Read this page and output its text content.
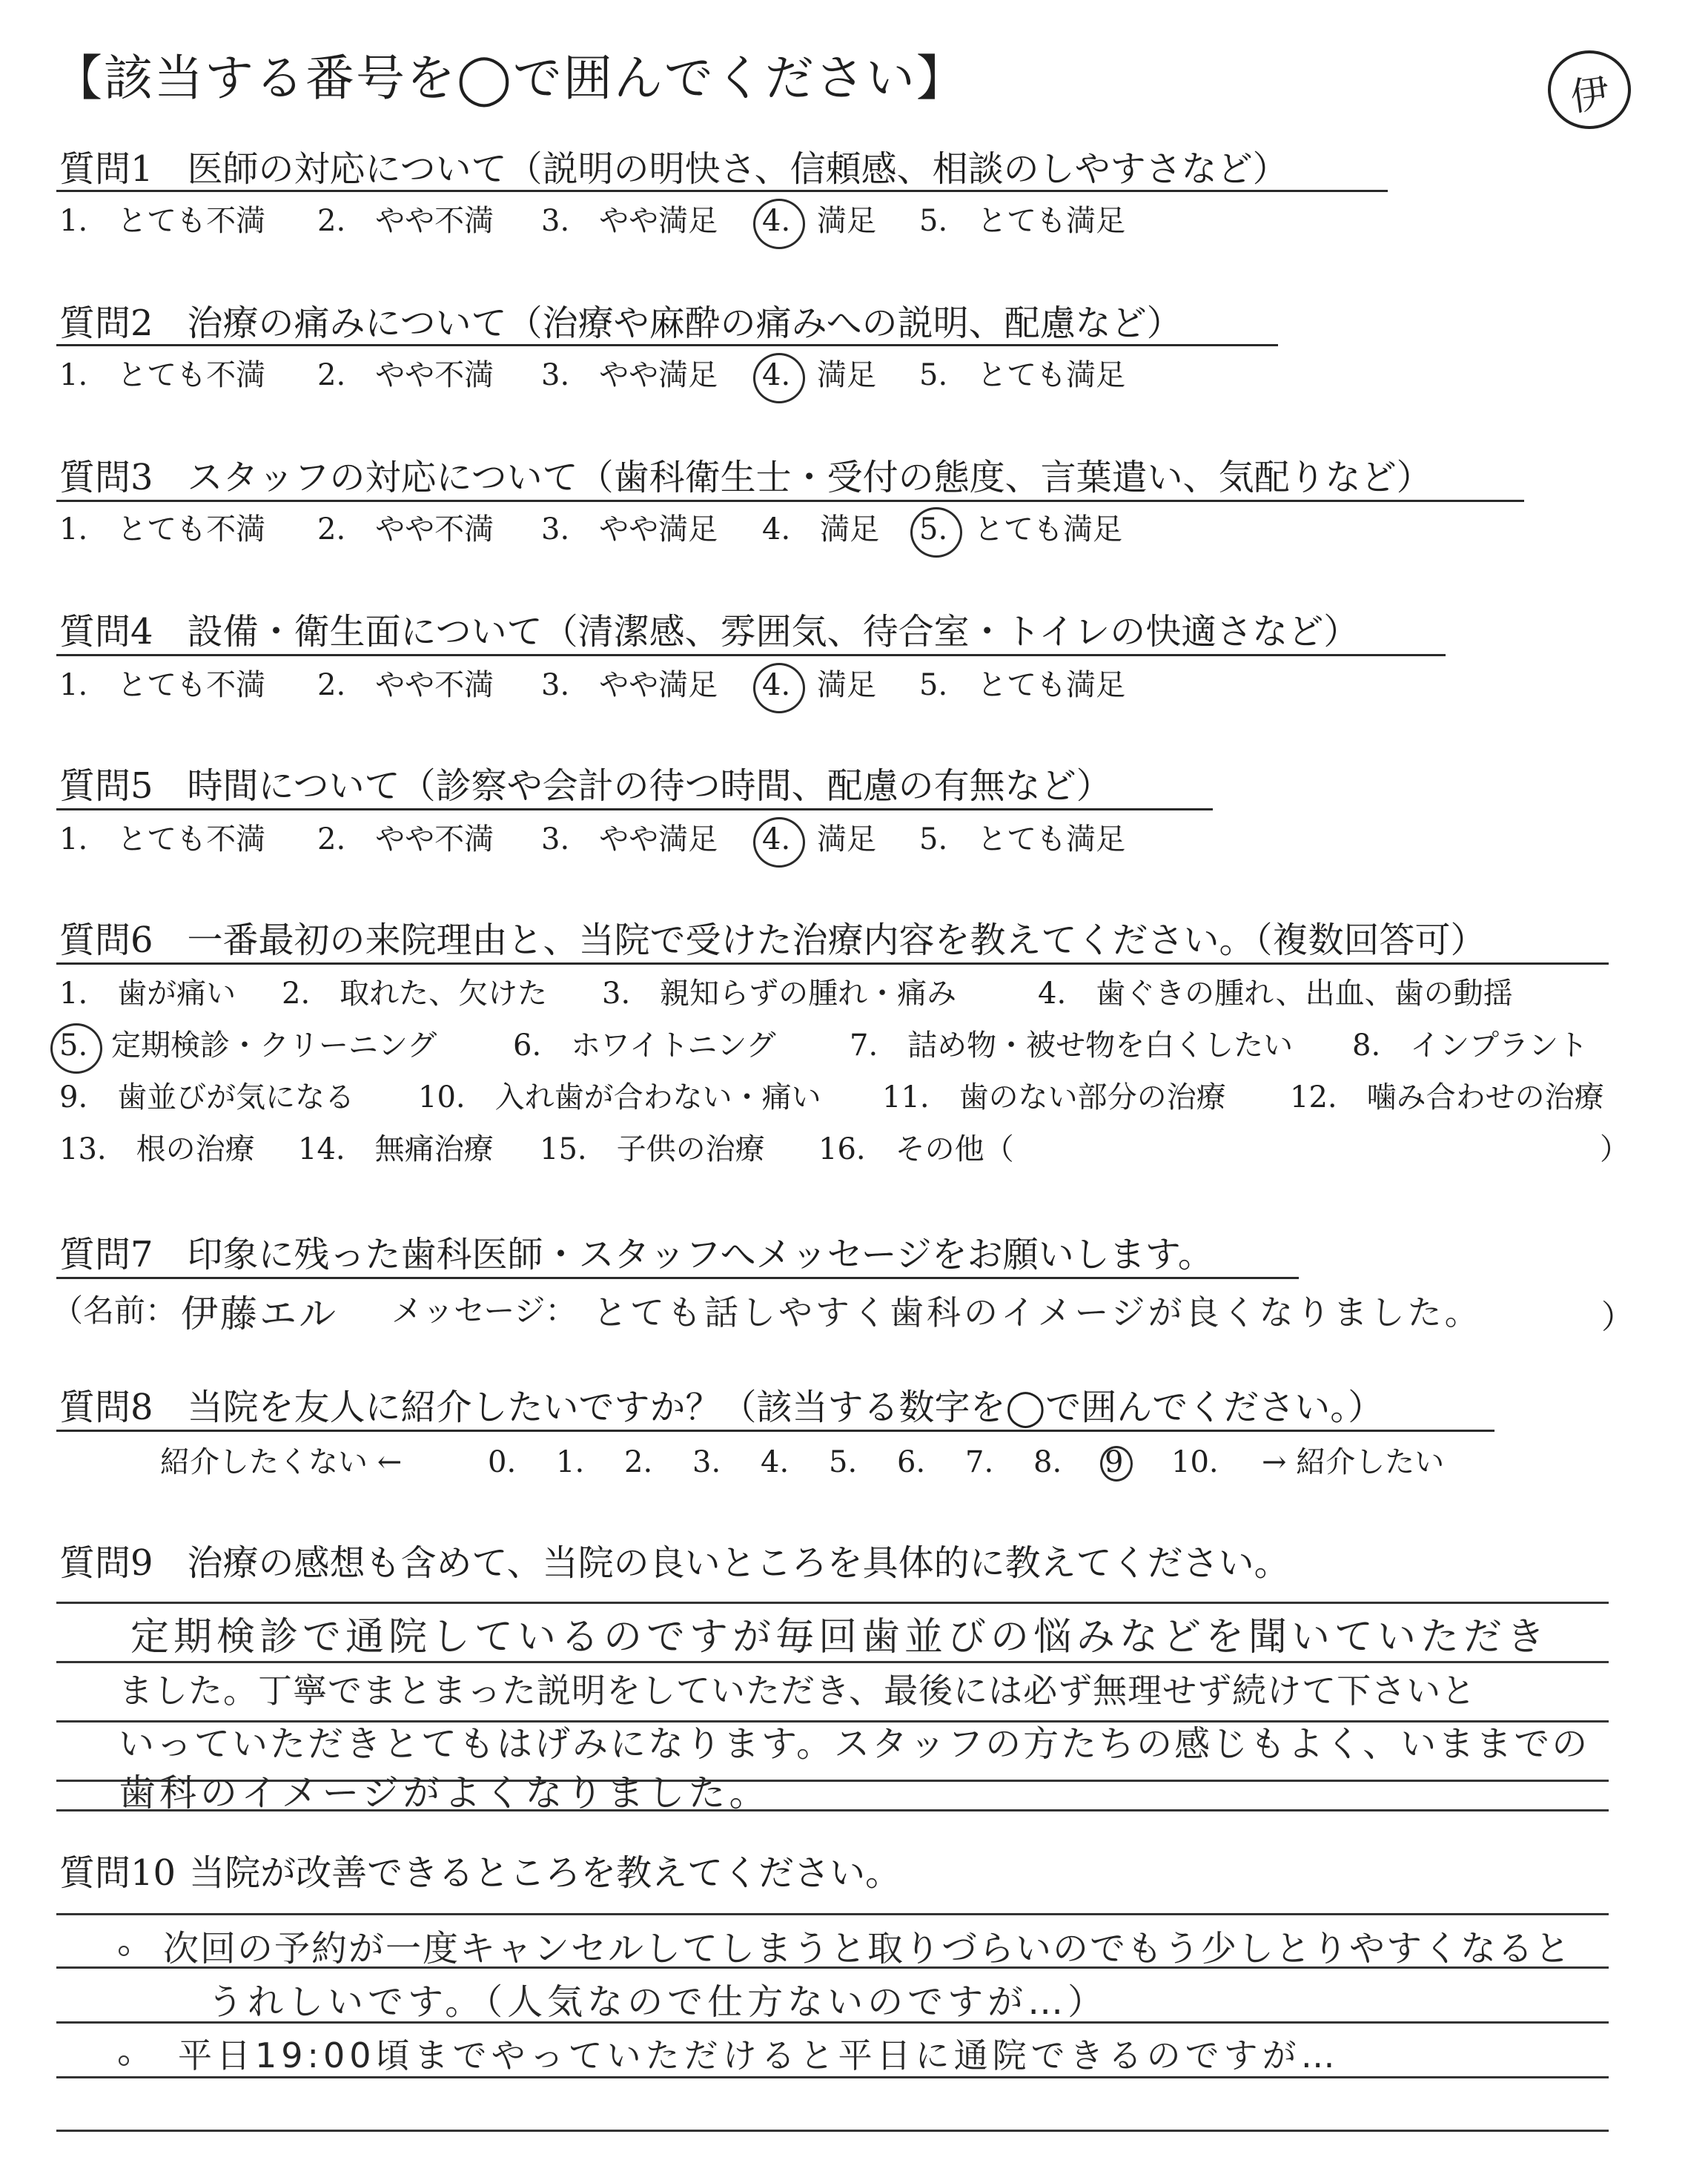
【該当する番号を◯で囲んでください】	伊
質問1 医師の対応について（説明の明快さ、信頼感、相談のしやすさなど）
1.　とても不満 2.　やや不満 3.　やや満足 4. 満足 5.　とても満足
質問2 治療の痛みについて（治療や麻酔の痛みへの説明、配慮など）
1.　とても不満 2.　やや不満 3.　やや満足 4. 満足 5.　とても満足
質問3 スタッフの対応について（歯科衛生士・受付の態度、言葉遣い、気配りなど）
1.　とても不満 2.　やや不満 3.　やや満足 4.　満足 5. とても満足
質問4 設備・衛生面について（清潔感、雰囲気、待合室・トイレの快適さなど）
1.　とても不満 2.　やや不満 3.　やや満足 4. 満足 5.　とても満足
質問5 時間について（診察や会計の待つ時間、配慮の有無など）
1.　とても不満 2.　やや不満 3.　やや満足 4. 満足 5.　とても満足
質問6 一番最初の来院理由と、当院で受けた治療内容を教えてください。（複数回答可）
1.　歯が痛い 2.　取れた、欠けた 3.　親知らずの腫れ・痛み	4.　歯ぐきの腫れ、出血、歯の動揺
5. 定期検診・クリーニング	6.　ホワイトニング 7.　詰め物・被せ物を白くしたい 8.　インプラント
9.　歯並びが気になる 10.　入れ歯が合わない・痛い 11.　歯のない部分の治療 12.　噛み合わせの治療
13.　根の治療 14.　無痛治療 15.　子供の治療 16.　その他（	）
質問7 印象に残った歯科医師・スタッフへメッセージをお願いします。
（名前： 伊藤エル メッセージ： とても話しやすく歯科のイメージが良くなりました。	）
質問8 当院を友人に紹介したいですか？（該当する数字を◯で囲んでください。）
紹介したくない ←	0. 1. 2. 3. 4. 5. 6. 7. 8. 9 10. → 紹介したい
質問9 治療の感想も含めて、当院の良いところを具体的に教えてください。
定期検診で通院しているのですが毎回歯並びの悩みなどを聞いていただき
ました。丁寧でまとまった説明をしていただき、最後には必ず無理せず続けて下さいと
いっていただきとてもはげみになります。スタッフの方たちの感じもよく、いままでの
歯科のイメージがよくなりました。
質問10 当院が改善できるところを教えてください。
次回の予約が一度キャンセルしてしまうと取りづらいのでもう少しとりやすくなると
うれしいです。（人気なので仕方ないのですが…）
平日19:00頃までやっていただけると平日に通院できるのですが…
